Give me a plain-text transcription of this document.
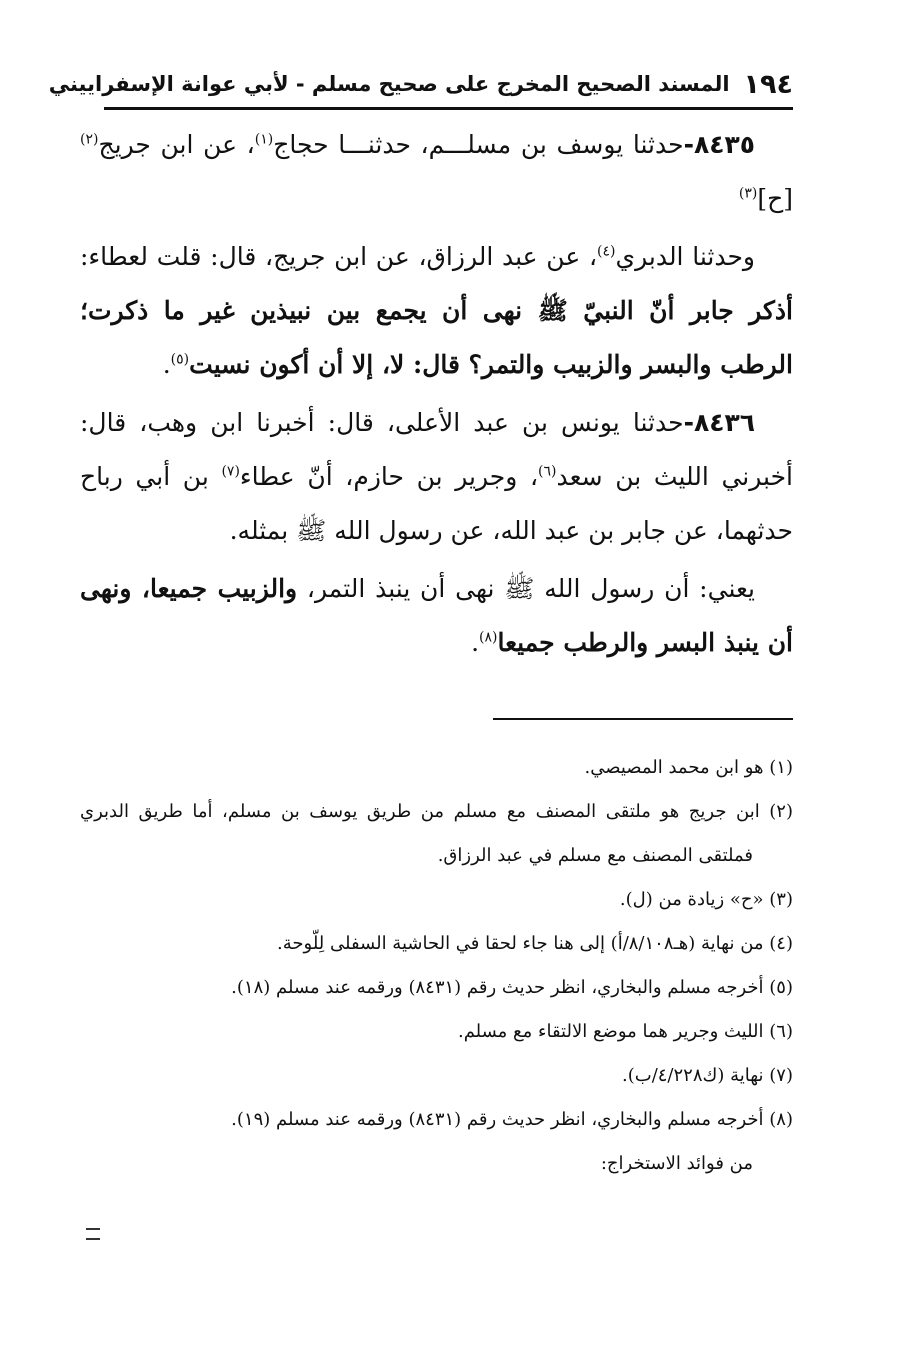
١٩٤
المسند الصحيح المخرج على صحيح مسلم - لأبي عوانة الإسفراييني

٨٤٣٥-حدثنا يوسف بن مسلـــم، حدثنـــا حجاج$^{(١)}$، عن ابن جريج$^{(٢)}$ [ح]$^{(٣)}$

وحدثنا الدبري$^{(٤)}$، عن عبد الرزاق، عن ابن جريج، قال: قلت لعطاء: أذكر جابر أنّ النبيّ ﷺ نهى أن يجمع بين نبيذين غير ما ذكرت؛ الرطب والبسر والزبيب والتمر؟ قال: لا، إلا أن أكون نسيت$^{(٥)}$.

٨٤٣٦-حدثنا يونس بن عبد الأعلى، قال: أخبرنا ابن وهب، قال: أخبرني الليث بن سعد$^{(٦)}$، وجرير بن حازم، أنّ عطاء$^{(٧)}$ بن أبي رباح حدثهما، عن جابر بن عبد الله، عن رسول الله ﷺ بمثله.

يعني: أن رسول الله ﷺ نهى أن ينبذ التمر، والزبيب جميعا، ونهى أن ينبذ البسر والرطب جميعا$^{(٨)}$.

(١) هو ابن محمد المصيصي.

(٢) ابن جريج هو ملتقى المصنف مع مسلم من طريق يوسف بن مسلم، أما طريق الدبري فملتقى المصنف مع مسلم في عبد الرزاق.

(٣) «ح» زيادة من (ل).

(٤) من نهاية (هـ٨/١٠٨/أ) إلى هنا جاء لحقا في الحاشية السفلى لِلّوحة.

(٥) أخرجه مسلم والبخاري، انظر حديث رقم (٨٤٣١) ورقمه عند مسلم (١٨).

(٦) الليث وجرير هما موضع الالتقاء مع مسلم.

(٧) نهاية (ك٤/٢٢٨/ب).

(٨) أخرجه مسلم والبخاري، انظر حديث رقم (٨٤٣١) ورقمه عند مسلم (١٩).

من فوائد الاستخراج:
